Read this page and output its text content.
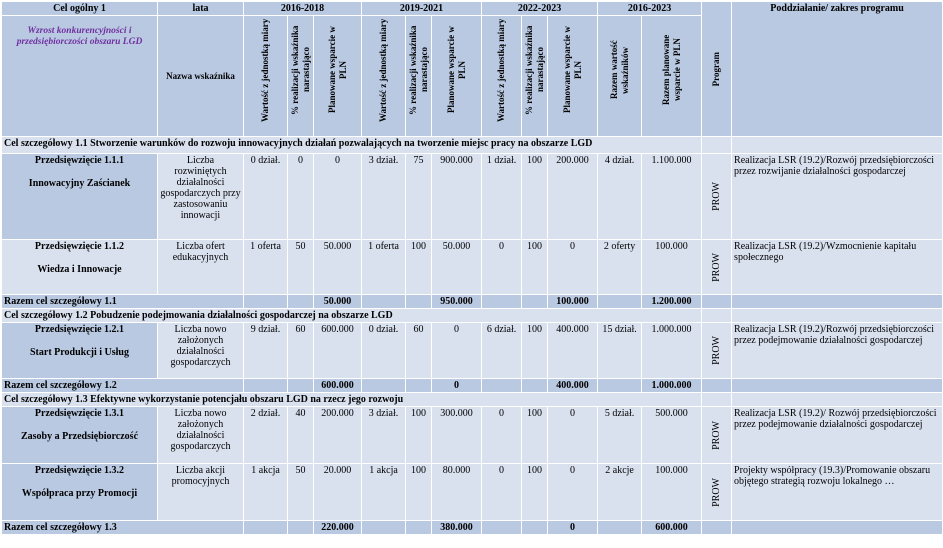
Cel ogólny 1	lata	2016-2018			2019-2021			2022-2023			2016-2023		Program	Poddziałanie/ zakres programu

Wzrost konkurencyjności i przedsiębiorczości obszaru LGD	Nazwa wskaźnika	Wartość z jednostką miary	% realizacji wskaźnika narastająco	Planowane wsparcie w PLN	Wartość z jednostką miary	% realizacji wskaźnika narastająco	Planowane wsparcie w PLN	Wartość z jednostką miary	% realizacji wskaźnika narastająco	Planowane wsparcie w PLN	Razem wartość wskaźników	Razem planowane wsparcie w PLN		

Cel szczegółowy 1.1 Stworzenie warunków do rozwoju innowacyjnych działań pozwalających na tworzenie miejsc pracy na obszarze LGD														

Przedsięwzięcie 1.1.1
Innowacyjny Zaścianek	Liczba rozwiniętych działalności gospodarczych przy zastosowaniu innowacji	0 dział.	0	0	3 dział.	75	900.000	1 dział.	100	200.000	4 dział.	1.100.000	PROW	Realizacja LSR (19.2)/Rozwój przedsiębiorczości przez rozwijanie działalności gospodarczej

Przedsięwzięcie 1.1.2
Wiedza i Innowacje	Liczba ofert edukacyjnych	1 oferta	50	50.000	1 oferta	100	50.000	0	100	0	2 oferty	100.000	PROW	Realizacja LSR (19.2)/Wzmocnienie kapitału społecznego
Razem cel szczegółowy 1.1				50.000			950.000			100.000		1.200.000		
Cel szczegółowy 1.2 Pobudzenie podejmowania działalności gospodarczej na obszarze LGD														

Przedsięwzięcie 1.2.1
Start Produkcji i Usług	Liczba nowo założonych działalności gospodarczych	9 dział.	60	600.000	0 dział.	60	0	6 dział.	100	400.000	15 dział.	1.000.000	PROW	Realizacja LSR (19.2)/Rozwój przedsiębiorczości przez podejmowanie działalności gospodarczej
Razem cel szczegółowy 1.2				600.000			0			400.000		1.000.000		
Cel szczegółowy 1.3 Efektywne wykorzystanie potencjału obszaru LGD na rzecz jego rozwoju														

Przedsięwzięcie 1.3.1
Zasoby a Przedsiębiorczość	Liczba nowo założonych działalności gospodarczych	2 dział.	40	200.000	3 dział.	100	300.000	0	100	0	5 dział.	500.000	PROW	Realizacja LSR (19.2)/ Rozwój przedsiębiorczości przez podejmowanie działalności gospodarczej

Przedsięwzięcie 1.3.2
Współpraca przy Promocji	Liczba akcji promocyjnych	1 akcja	50	20.000	1 akcja	100	80.000	0	100	0	2 akcje	100.000	PROW	Projekty współpracy (19.3)/Promowanie obszaru objętego strategią rozwoju lokalnego …
Razem cel szczegółowy 1.3				220.000			380.000			0		600.000		
